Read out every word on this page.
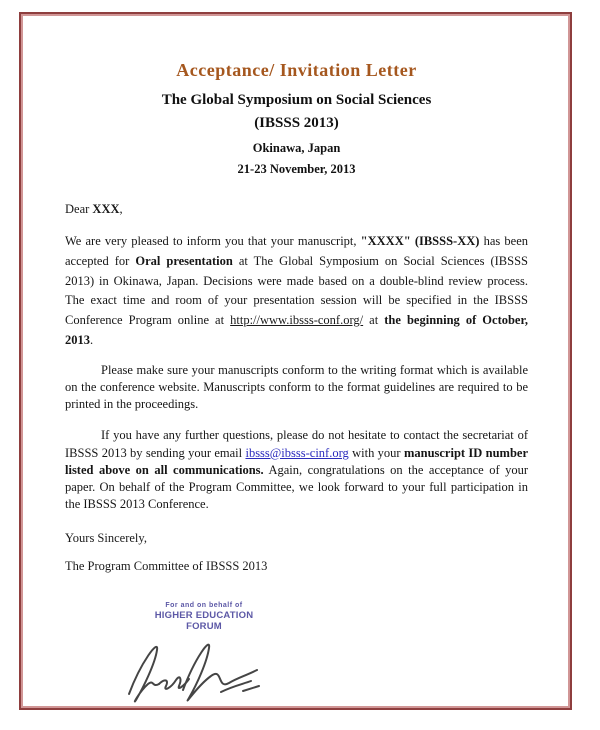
Acceptance/ Invitation Letter
The Global Symposium on Social Sciences
(IBSSS 2013)
Okinawa, Japan
21-23 November, 2013
Dear XXX,

We are very pleased to inform you that your manuscript, "XXXX" (IBSSS-XX) has been accepted for Oral presentation at The Global Symposium on Social Sciences (IBSSS 2013) in Okinawa, Japan. Decisions were made based on a double-blind review process. The exact time and room of your presentation session will be specified in the IBSSS Conference Program online at http://www.ibsss-conf.org/ at the beginning of October, 2013.

Please make sure your manuscripts conform to the writing format which is available on the conference website. Manuscripts conform to the format guidelines are required to be printed in the proceedings.

If you have any further questions, please do not hesitate to contact the secretariat of IBSSS 2013 by sending your email ibsss@ibsss-cinf.org with your manuscript ID number listed above on all communications. Again, congratulations on the acceptance of your paper. On behalf of the Program Committee, we look forward to your full participation in the IBSSS 2013 Conference.

Yours Sincerely,

The Program Committee of IBSSS 2013

For and on behalf of
HIGHER EDUCATION FORUM
